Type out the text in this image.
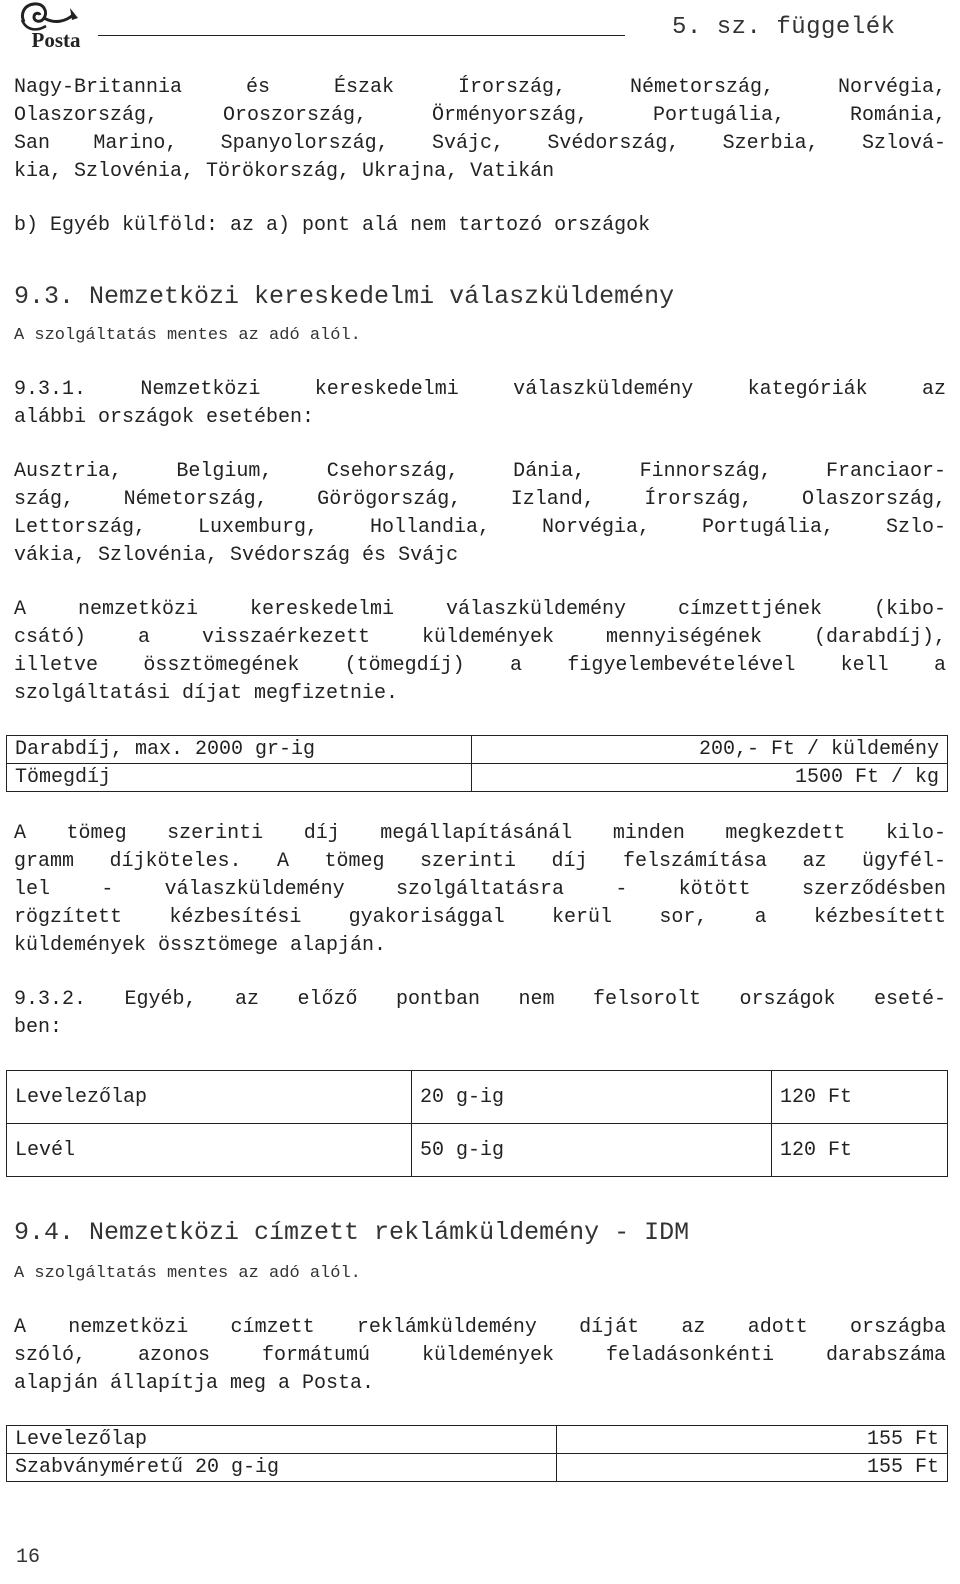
Posta	5. sz. függelék
Nagy-Britannia és Észak Írország, Németország, Norvégia,
Olaszország, Oroszország, Örményország, Portugália, Románia,
San Marino, Spanyolország, Svájc, Svédország, Szerbia, Szlová-
kia, Szlovénia, Törökország, Ukrajna, Vatikán
b) Egyéb külföld: az a) pont alá nem tartozó országok
9.3. Nemzetközi kereskedelmi válaszküldemény
A szolgáltatás mentes az adó alól.
9.3.1. Nemzetközi kereskedelmi válaszküldemény kategóriák az
alábbi országok esetében:
Ausztria, Belgium, Csehország, Dánia, Finnország, Franciaor-
szág, Németország, Görögország, Izland, Írország, Olaszország,
Lettország, Luxemburg, Hollandia, Norvégia, Portugália, Szlo-
vákia, Szlovénia, Svédország és Svájc
A nemzetközi kereskedelmi válaszküldemény címzettjének (kibo-
csátó) a visszaérkezett küldemények mennyiségének (darabdíj),
illetve össztömegének (tömegdíj) a figyelembevételével kell a
szolgáltatási díjat megfizetnie.
Darabdíj, max. 2000 gr-ig	200,- Ft / küldemény
Tömegdíj	1500 Ft / kg
A tömeg szerinti díj megállapításánál minden megkezdett kilo-
gramm díjköteles. A tömeg szerinti díj felszámítása az ügyfél-
lel - válaszküldemény szolgáltatásra - kötött szerződésben
rögzített kézbesítési gyakorisággal kerül sor, a kézbesített
küldemények össztömege alapján.
9.3.2. Egyéb, az előző pontban nem felsorolt országok eseté-
ben:
Levelezőlap	20 g-ig	120 Ft
Levél	50 g-ig	120 Ft
9.4. Nemzetközi címzett reklámküldemény - IDM
A szolgáltatás mentes az adó alól.
A nemzetközi címzett reklámküldemény díját az adott országba
szóló, azonos formátumú küldemények feladásonkénti darabszáma
alapján állapítja meg a Posta.
Levelezőlap	155 Ft
Szabványméretű 20 g-ig	155 Ft
16
